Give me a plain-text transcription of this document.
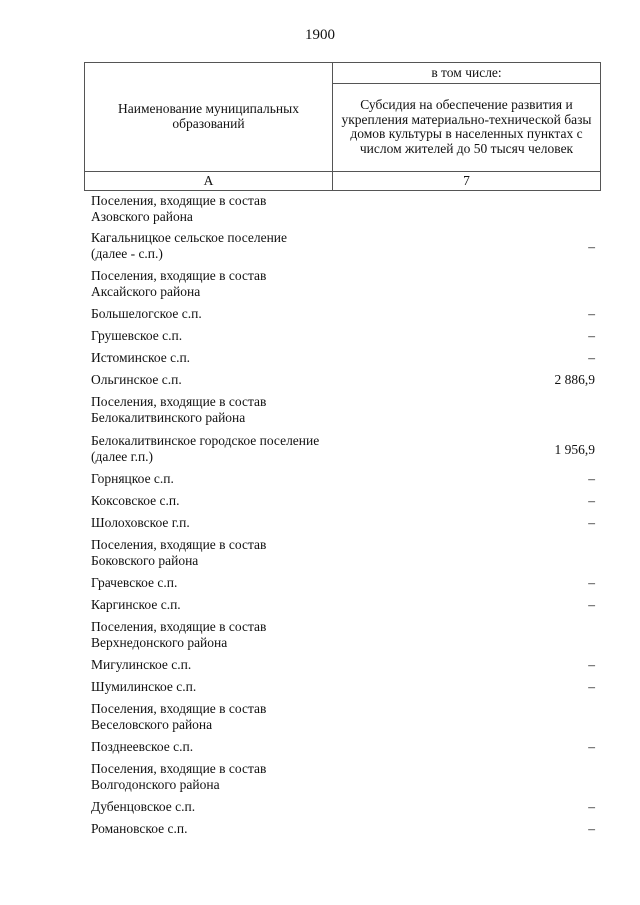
1900
Наименование муниципальных образований	в том числе:
	Субсидия на обеспечение развития и укрепления материально-технической базы домов культуры в населенных пунктах с числом жителей до 50 тысяч человек
А	7
Поселения, входящие в состав Азовского района
Кагальницкое сельское поселение (далее - с.п.)	–
Поселения, входящие в состав Аксайского района
Большелогское с.п.	–
Грушевское с.п.	–
Истоминское с.п.	–
Ольгинское с.п.	2 886,9
Поселения, входящие в состав Белокалитвинского района
Белокалитвинское городское поселение (далее г.п.)	1 956,9
Горняцкое с.п.	–
Коксовское с.п.	–
Шолоховское г.п.	–
Поселения, входящие в состав Боковского района
Грачевское с.п.	–
Каргинское с.п.	–
Поселения, входящие в состав Верхнедонского района
Мигулинское с.п.	–
Шумилинское с.п.	–
Поселения, входящие в состав Веселовского района
Позднеевское с.п.	–
Поселения, входящие в состав Волгодонского района
Дубенцовское с.п.	–
Романовское с.п.	–
